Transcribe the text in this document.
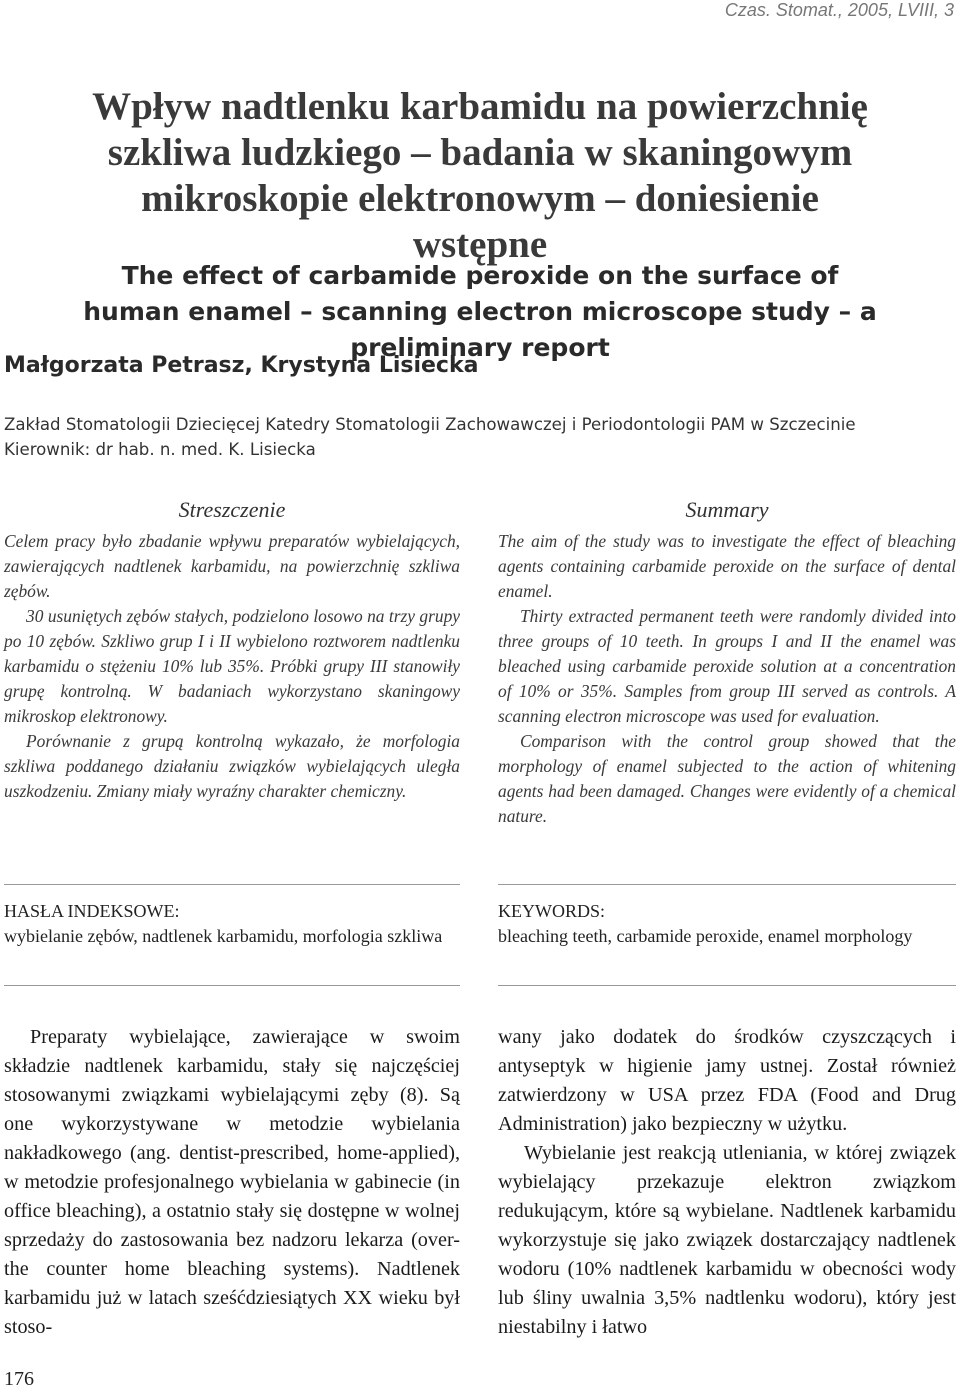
Czas. Stomat., 2005, LVIII, 3
Wpływ nadtlenku karbamidu na powierzchnię szkliwa ludzkiego – badania w skaningowym mikroskopie elektronowym – doniesienie wstępne
The effect of carbamide peroxide on the surface of human enamel – scanning electron microscope study – a preliminary report
Małgorzata Petrasz, Krystyna Lisiecka
Zakład Stomatologii Dziecięcej Katedry Stomatologii Zachowawczej i Periodontologii PAM w Szczecinie
Kierownik: dr hab. n. med. K. Lisiecka
Streszczenie

Celem pracy było zbadanie wpływu preparatów wybielających, zawierających nadtlenek karbamidu, na powierzchnię szkliwa zębów.

30 usuniętych zębów stałych, podzielono losowo na trzy grupy po 10 zębów. Szkliwo grup I i II wybielono roztworem nadtlenku karbamidu o stężeniu 10% lub 35%. Próbki grupy III stanowiły grupę kontrolną. W badaniach wykorzystano skaningowy mikroskop elektronowy.

Porównanie z grupą kontrolną wykazało, że morfologia szkliwa poddanego działaniu związków wybielających uległa uszkodzeniu. Zmiany miały wyraźny charakter chemiczny.

Summary

The aim of the study was to investigate the effect of bleaching agents containing carbamide peroxide on the surface of dental enamel.

Thirty extracted permanent teeth were randomly divided into three groups of 10 teeth. In groups I and II the enamel was bleached using carbamide peroxide solution at a concentration of 10% or 35%. Samples from group III served as controls. A scanning electron microscope was used for evaluation.

Comparison with the control group showed that the morphology of enamel subjected to the action of whitening agents had been damaged. Changes were evidently of a chemical nature.

HASŁA INDEKSOWE:
wybielanie zębów, nadtlenek karbamidu, morfologia szkliwa
KEYWORDS:
bleaching teeth, carbamide peroxide, enamel morphology

Preparaty wybielające, zawierające w swoim składzie nadtlenek karbamidu, stały się najczęściej stosowanymi związkami wybielającymi zęby (8). Są one wykorzystywane w metodzie wybielania nakładkowego (ang. dentist-prescribed, home-applied), w metodzie profesjonalnego wybielania w gabinecie (in office bleaching), a ostatnio stały się dostępne w wolnej sprzedaży do zastosowania bez nadzoru lekarza (over-the counter home bleaching systems). Nadtlenek karbamidu już w latach sześćdziesiątych XX wieku był stoso-

wany jako dodatek do środków czyszczących i antyseptyk w higienie jamy ustnej. Został również zatwierdzony w USA przez FDA (Food and Drug Administration) jako bezpieczny w użytku.

Wybielanie jest reakcją utleniania, w której związek wybielający przekazuje elektron związkom redukującym, które są wybielane. Nadtlenek karbamidu wykorzystuje się jako związek dostarczający nadtlenek wodoru (10% nadtlenek karbamidu w obecności wody lub śliny uwalnia 3,5% nadtlenku wodoru), który jest niestabilny i łatwo

176
